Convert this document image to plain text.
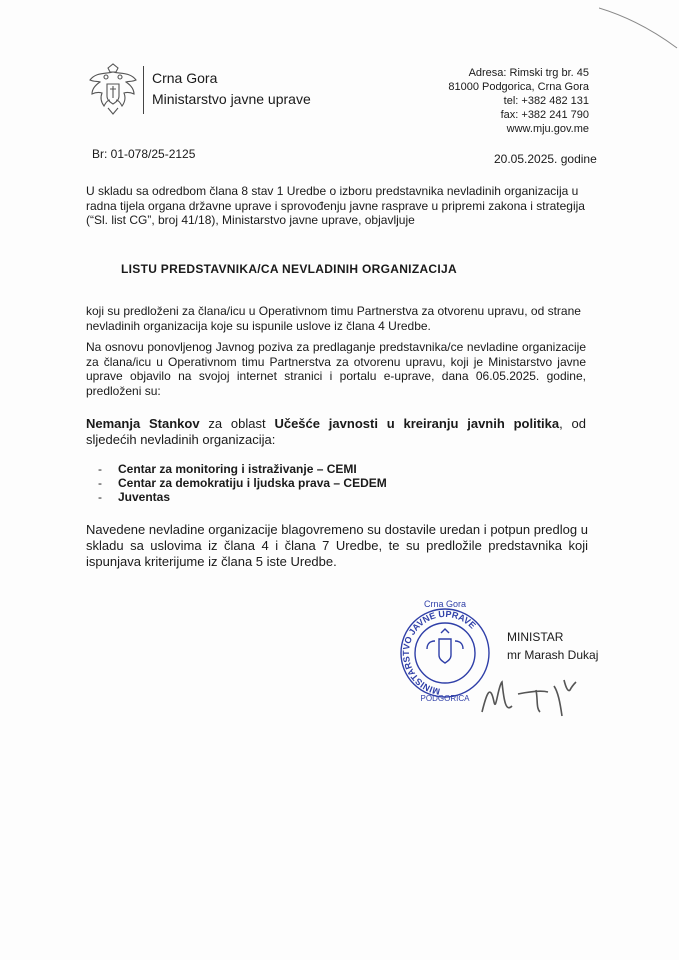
Crna Gora
Ministarstvo javne uprave
Adresa: Rimski trg br. 45
81000 Podgorica, Crna Gora
tel: +382 482 131
fax: +382 241 790
www.mju.gov.me
Br: 01-078/25-2125	20.05.2025. godine
U skladu sa odredbom člana 8 stav 1 Uredbe o izboru predstavnika nevladinih organizacija u radna tijela organa državne uprave i sprovođenju javne rasprave u pripremi zakona i strategija (“Sl. list CG”, broj 41/18), Ministarstvo javne uprave, objavljuje
LISTU PREDSTAVNIKA/CA NEVLADINIH ORGANIZACIJA
koji su predloženi za člana/icu u Operativnom timu Partnerstva za otvorenu upravu, od strane nevladinih organizacija koje su ispunile uslove iz člana 4 Uredbe.
Na osnovu ponovljenog Javnog poziva za predlaganje predstavnika/ce nevladine organizacije za člana/icu u Operativnom timu Partnerstva za otvorenu upravu, koji je Ministarstvo javne uprave objavilo na svojoj internet stranici i portalu e-uprave, dana 06.05.2025. godine, predloženi su:
Nemanja Stankov za oblast Učešće javnosti u kreiranju javnih politika, od sljedećih nevladinih organizacija:
- Centar za monitoring i istraživanje – CEMI
- Centar za demokratiju i ljudska prava – CEDEM
- Juventas
Navedene nevladine organizacije blagovremeno su dostavile uredan i potpun predlog u skladu sa uslovima iz člana 4 i člana 7 Uredbe, te su predložile predstavnika koji ispunjava kriterijume iz člana 5 iste Uredbe.
MINISTARSTVO JAVNE UPRAVE
Crna Gora
PODGORICA
MINISTAR
mr Marash Dukaj
